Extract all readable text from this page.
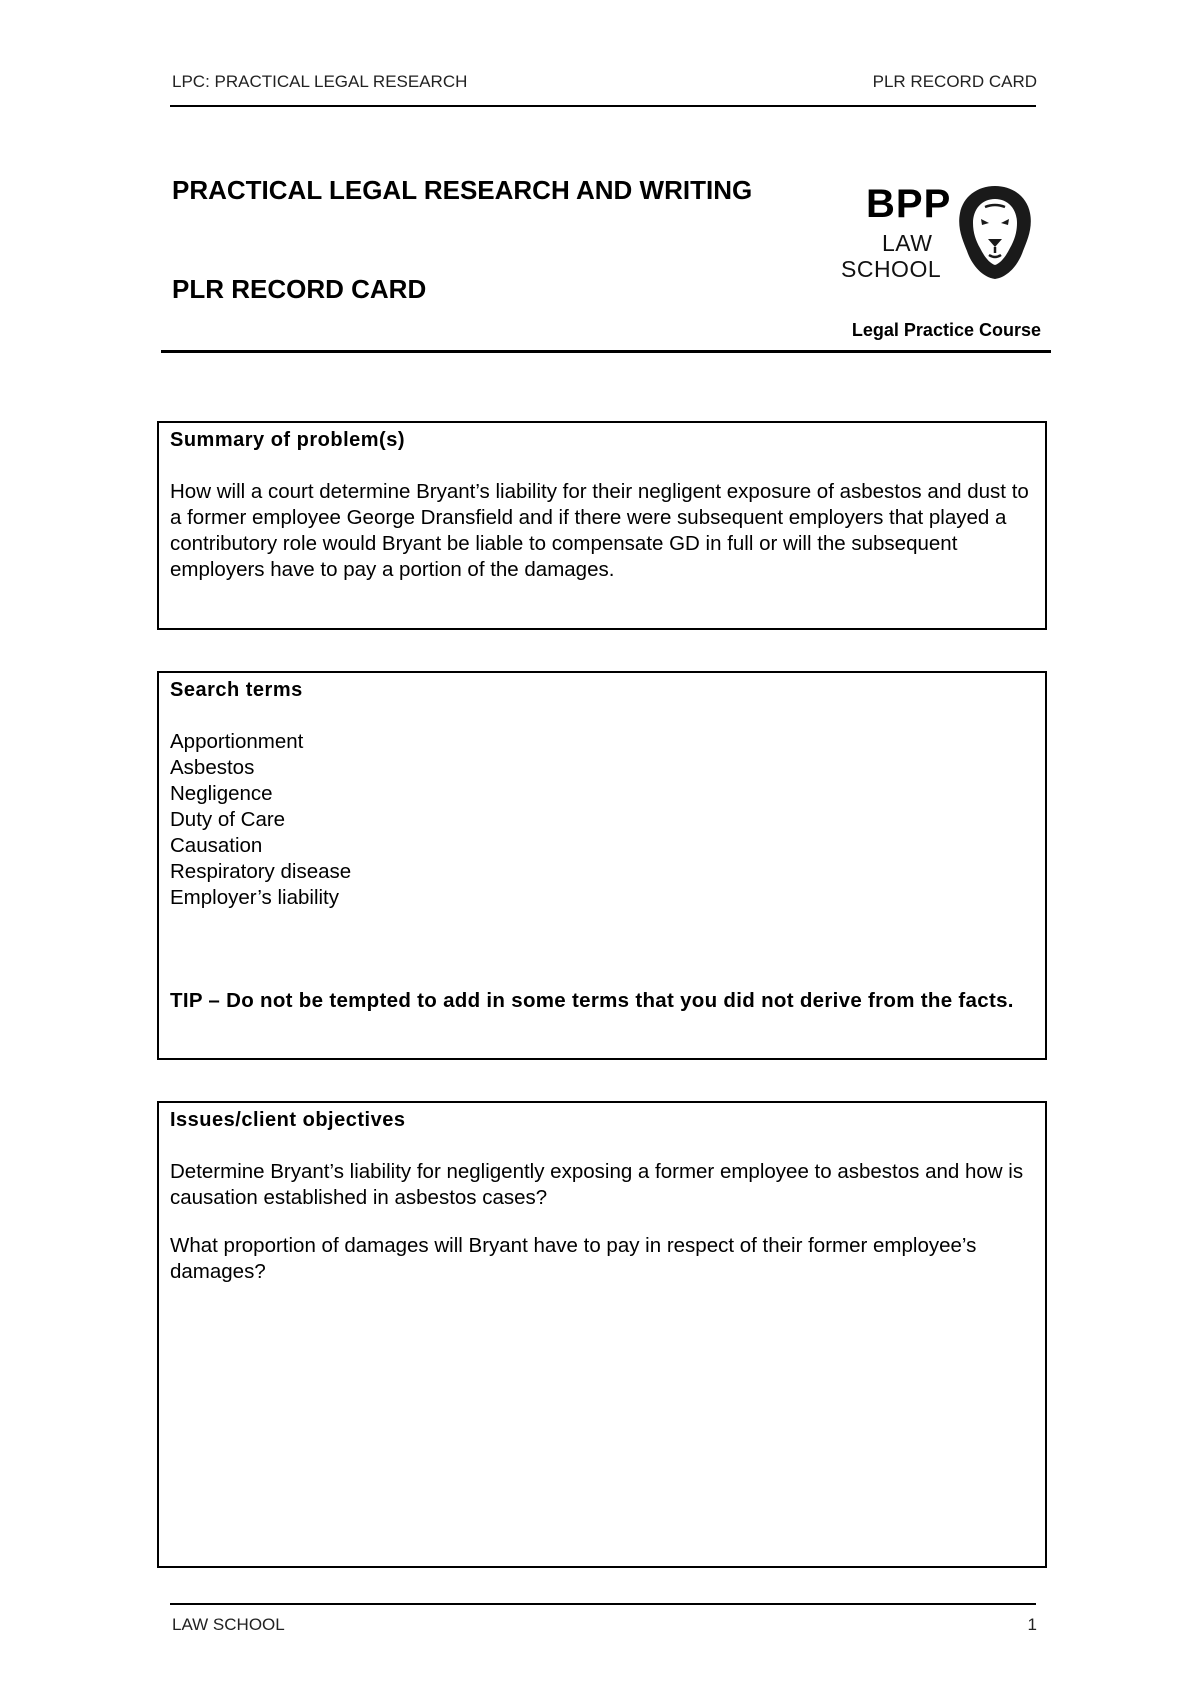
LPC: PRACTICAL LEGAL RESEARCH	PLR RECORD CARD
PRACTICAL LEGAL RESEARCH AND WRITING
PLR RECORD CARD
BPP
LAW
SCHOOL
Legal Practice Course
Summary of problem(s)

How will a court determine Bryant’s liability for their negligent exposure of asbestos and dust to a former employee George Dransfield and if there were subsequent employers that played a contributory role would Bryant be liable to compensate GD in full or will the subsequent employers have to pay a portion of the damages.

Search terms
Apportionment
Asbestos
Negligence
Duty of Care
Causation
Respiratory disease
Employer’s liability

TIP – Do not be tempted to add in some terms that you did not derive from the facts.

Issues/client objectives

Determine Bryant’s liability for negligently exposing a former employee to asbestos and how is causation established in asbestos cases?

What proportion of damages will Bryant have to pay in respect of their former employee’s damages?

LAW SCHOOL	1
